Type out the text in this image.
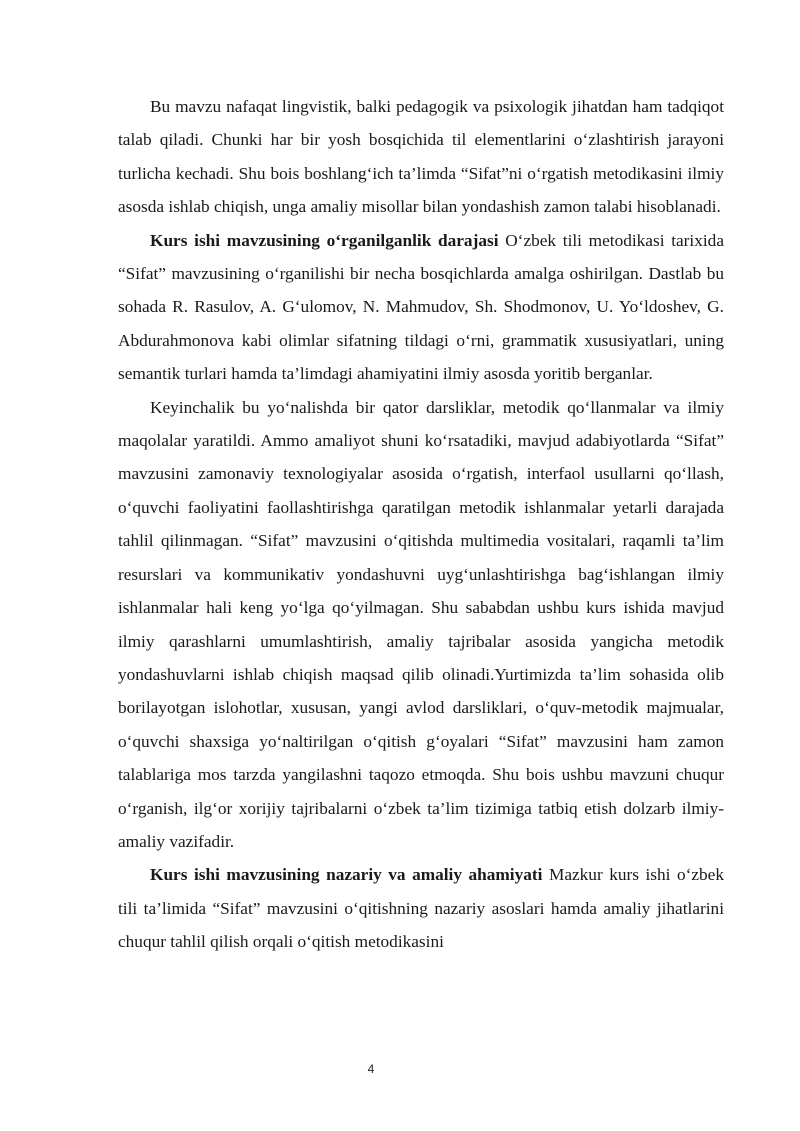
Bu mavzu nafaqat lingvistik, balki pedagogik va psixologik jihatdan ham tadqiqot talab qiladi. Chunki har bir yosh bosqichida til elementlarini o‘zlashtirish jarayoni turlicha kechadi. Shu bois boshlang‘ich ta’limda “Sifat”ni o‘rgatish metodikasini ilmiy asosda ishlab chiqish, unga amaliy misollar bilan yondashish zamon talabi hisoblanadi.

Kurs ishi mavzusining o‘rganilganlik darajasi O‘zbek tili metodikasi tarixida “Sifat” mavzusining o‘rganilishi bir necha bosqichlarda amalga oshirilgan. Dastlab bu sohada R. Rasulov, A. G‘ulomov, N. Mahmudov, Sh. Shodmonov, U. Yo‘ldoshev, G. Abdurahmonova kabi olimlar sifatning tildagi o‘rni, grammatik xususiyatlari, uning semantik turlari hamda ta’limdagi ahamiyatini ilmiy asosda yoritib berganlar.

Keyinchalik bu yo‘nalishda bir qator darsliklar, metodik qo‘llanmalar va ilmiy maqolalar yaratildi. Ammo amaliyot shuni ko‘rsatadiki, mavjud adabiyotlarda “Sifat” mavzusini zamonaviy texnologiyalar asosida o‘rgatish, interfaol usullarni qo‘llash, o‘quvchi faoliyatini faollashtirishga qaratilgan metodik ishlanmalar yetarli darajada tahlil qilinmagan. “Sifat” mavzusini o‘qitishda multimedia vositalari, raqamli ta’lim resurslari va kommunikativ yondashuvni uyg‘unlashtirishga bag‘ishlangan ilmiy ishlanmalar hali keng yo‘lga qo‘yilmagan. Shu sababdan ushbu kurs ishida mavjud ilmiy qarashlarni umumlashtirish, amaliy tajribalar asosida yangicha metodik yondashuvlarni ishlab chiqish maqsad qilib olinadi.Yurtimizda ta’lim sohasida olib borilayotgan islohotlar, xususan, yangi avlod darsliklari, o‘quv-metodik majmualar, o‘quvchi shaxsiga yo‘naltirilgan o‘qitish g‘oyalari “Sifat” mavzusini ham zamon talablariga mos tarzda yangilashni taqozo etmoqda. Shu bois ushbu mavzuni chuqur o‘rganish, ilg‘or xorijiy tajribalarni o‘zbek ta’lim tizimiga tatbiq etish dolzarb ilmiy-amaliy vazifadir.

Kurs ishi mavzusining nazariy va amaliy ahamiyati Mazkur kurs ishi o‘zbek tili ta’limida “Sifat” mavzusini o‘qitishning nazariy asoslari hamda amaliy jihatlarini chuqur tahlil qilish orqali o‘qitish metodikasini

4
